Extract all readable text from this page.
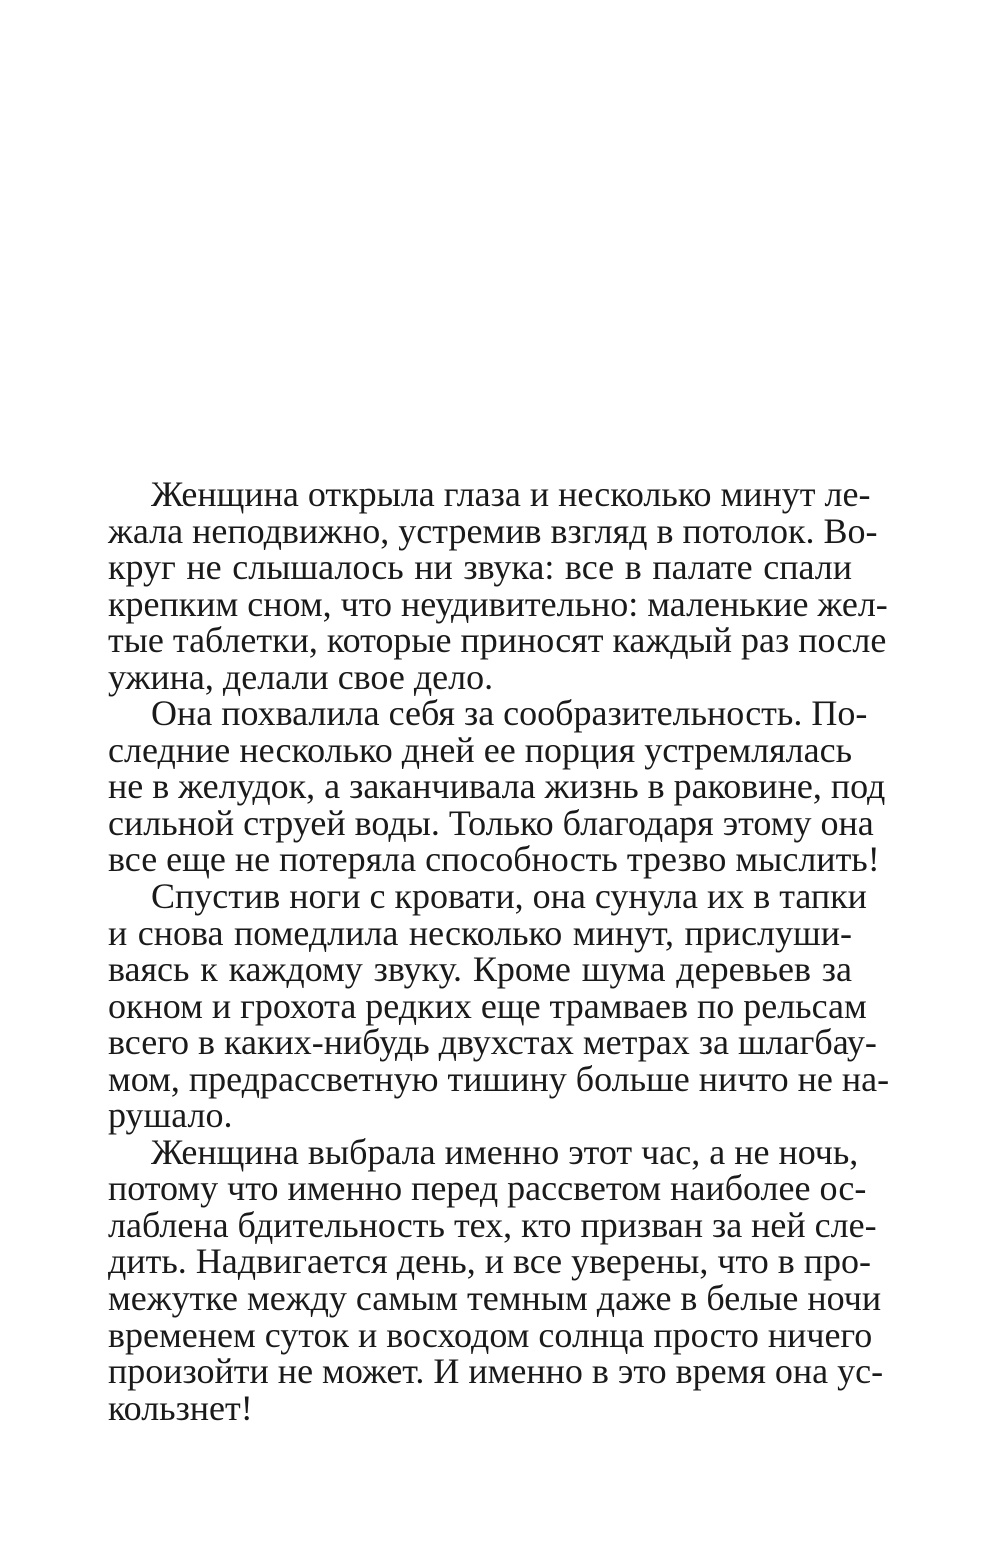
Женщина открыла глаза и несколько минут ле-
жала неподвижно, устремив взгляд в потолок. Во-
круг не слышалось ни звука: все в палате спали
крепким сном, что неудивительно: маленькие жел-
тые таблетки, которые приносят каждый раз после
ужина, делали свое дело.

Она похвалила себя за сообразительность. По-
следние несколько дней ее порция устремлялась
не в желудок, а заканчивала жизнь в раковине, под
сильной струей воды. Только благодаря этому она
все еще не потеряла способность трезво мыслить!

Спустив ноги с кровати, она сунула их в тапки
и снова помедлила несколько минут, прислуши-
ваясь к каждому звуку. Кроме шума деревьев за
окном и грохота редких еще трамваев по рельсам
всего в каких-нибудь двухстах метрах за шлагбау-
мом, предрассветную тишину больше ничто не на-
рушало.

Женщина выбрала именно этот час, а не ночь,
потому что именно перед рассветом наиболее ос-
лаблена бдительность тех, кто призван за ней сле-
дить. Надвигается день, и все уверены, что в про-
межутке между самым темным даже в белые ночи
временем суток и восходом солнца просто ничего
произойти не может. И именно в это время она ус-
кользнет!
